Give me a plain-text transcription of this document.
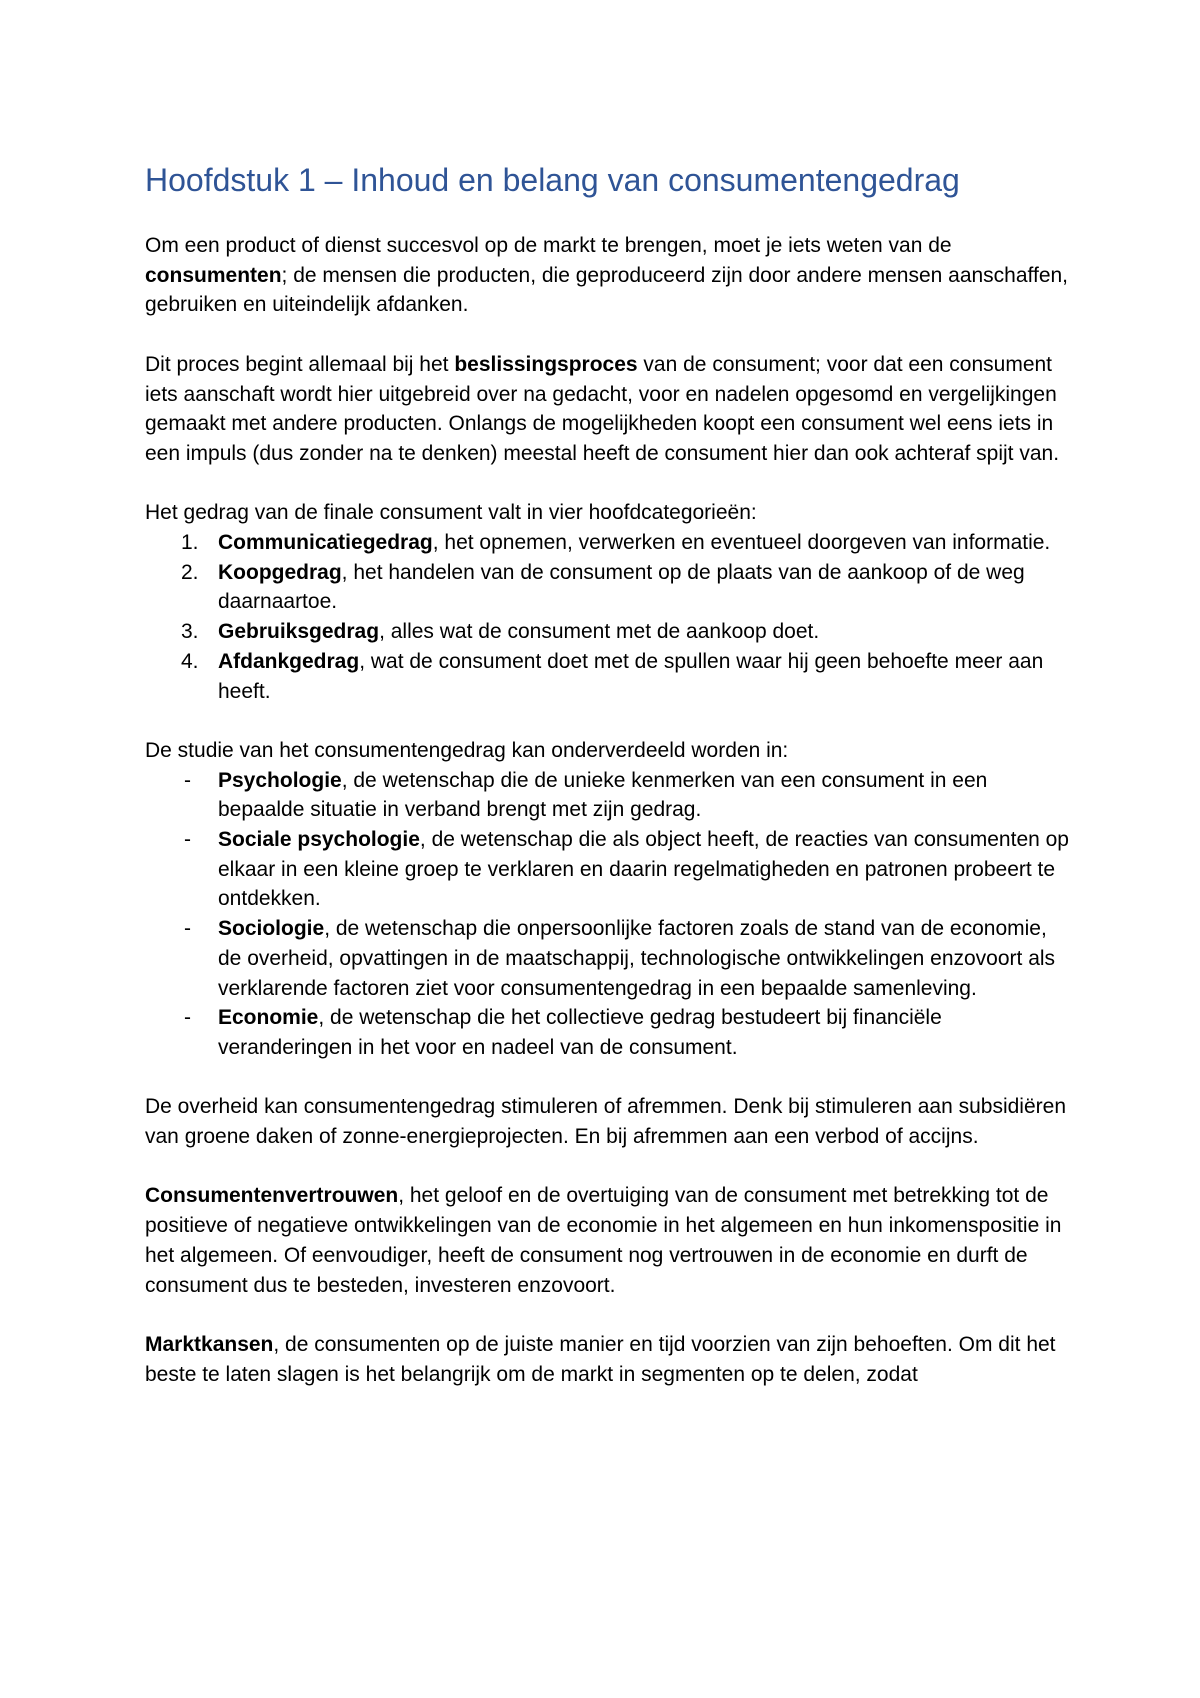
Hoofdstuk 1 – Inhoud en belang van consumentengedrag

Om een product of dienst succesvol op de markt te brengen, moet je iets weten van de consumenten; de mensen die producten, die geproduceerd zijn door andere mensen aanschaffen, gebruiken en uiteindelijk afdanken.

Dit proces begint allemaal bij het beslissingsproces van de consument; voor dat een consument iets aanschaft wordt hier uitgebreid over na gedacht, voor en nadelen opgesomd en vergelijkingen gemaakt met andere producten. Onlangs de mogelijkheden koopt een consument wel eens iets in een impuls (dus zonder na te denken) meestal heeft de consument hier dan ook achteraf spijt van.

Het gedrag van de finale consument valt in vier hoofdcategorieën:

1. Communicatiegedrag, het opnemen, verwerken en eventueel doorgeven van informatie.
2. Koopgedrag, het handelen van de consument op de plaats van de aankoop of de weg daarnaartoe.
3. Gebruiksgedrag, alles wat de consument met de aankoop doet.
4. Afdankgedrag, wat de consument doet met de spullen waar hij geen behoefte meer aan heeft.

De studie van het consumentengedrag kan onderverdeeld worden in:

- Psychologie, de wetenschap die de unieke kenmerken van een consument in een bepaalde situatie in verband brengt met zijn gedrag.
- Sociale psychologie, de wetenschap die als object heeft, de reacties van consumenten op elkaar in een kleine groep te verklaren en daarin regelmatigheden en patronen probeert te ontdekken.
- Sociologie, de wetenschap die onpersoonlijke factoren zoals de stand van de economie, de overheid, opvattingen in de maatschappij, technologische ontwikkelingen enzovoort als verklarende factoren ziet voor consumentengedrag in een bepaalde samenleving.
- Economie, de wetenschap die het collectieve gedrag bestudeert bij financiële veranderingen in het voor en nadeel van de consument.

De overheid kan consumentengedrag stimuleren of afremmen. Denk bij stimuleren aan subsidiëren van groene daken of zonne-energieprojecten. En bij afremmen aan een verbod of accijns.

Consumentenvertrouwen, het geloof en de overtuiging van de consument met betrekking tot de positieve of negatieve ontwikkelingen van de economie in het algemeen en hun inkomenspositie in het algemeen. Of eenvoudiger, heeft de consument nog vertrouwen in de economie en durft de consument dus te besteden, investeren enzovoort.

Marktkansen, de consumenten op de juiste manier en tijd voorzien van zijn behoeften. Om dit het beste te laten slagen is het belangrijk om de markt in segmenten op te delen, zodat
